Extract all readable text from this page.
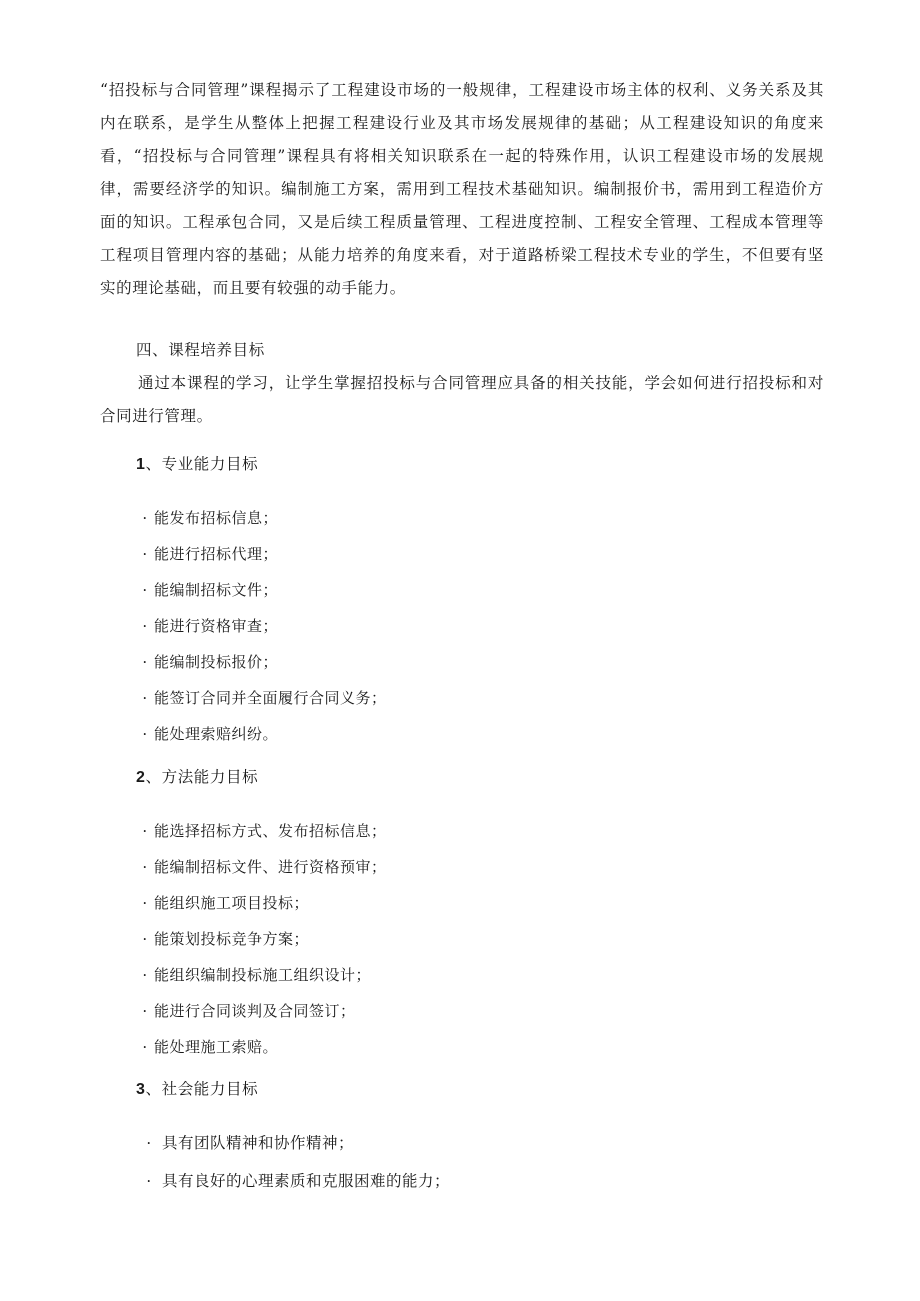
“招投标与合同管理”课程揭示了工程建设市场的一般规律，工程建设市场主体的权利、义务关系及其内在联系，是学生从整体上把握工程建设行业及其市场发展规律的基础；从工程建设知识的角度来看，“招投标与合同管理”课程具有将相关知识联系在一起的特殊作用，认识工程建设市场的发展规律，需要经济学的知识。编制施工方案，需用到工程技术基础知识。编制报价书，需用到工程造价方面的知识。工程承包合同，又是后续工程质量管理、工程进度控制、工程安全管理、工程成本管理等工程项目管理内容的基础；从能力培养的角度来看，对于道路桥梁工程技术专业的学生，不但要有坚实的理论基础，而且要有较强的动手能力。

四、课程培养目标

通过本课程的学习，让学生掌握招投标与合同管理应具备的相关技能，学会如何进行招投标和对合同进行管理。

1、专业能力目标

· 能发布招标信息；
· 能进行招标代理；
· 能编制招标文件；
· 能进行资格审查；
· 能编制投标报价；
· 能签订合同并全面履行合同义务；
· 能处理索赔纠纷。

2、方法能力目标

· 能选择招标方式、发布招标信息；
· 能编制招标文件、进行资格预审；
· 能组织施工项目投标；
· 能策划投标竞争方案；
· 能组织编制投标施工组织设计；
· 能进行合同谈判及合同签订；
· 能处理施工索赔。

3、社会能力目标

· 具有团队精神和协作精神；
· 具有良好的心理素质和克服困难的能力；
